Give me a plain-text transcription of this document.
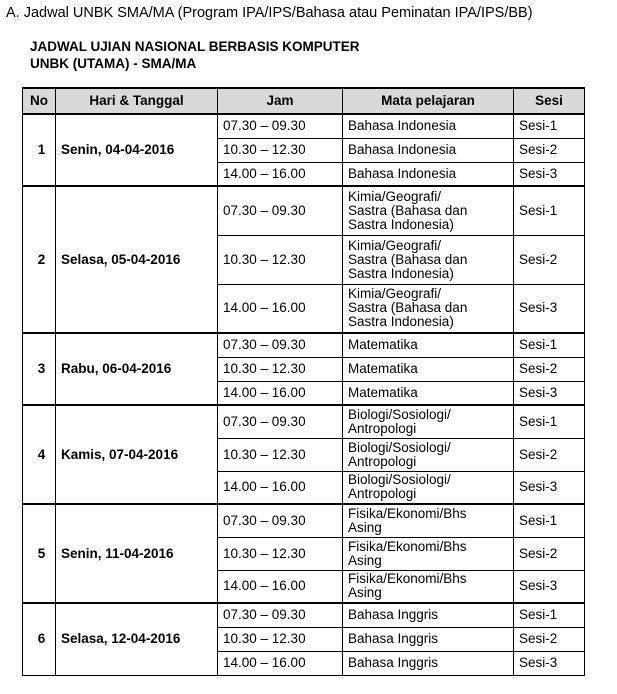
A. Jadwal UNBK SMA/MA (Program IPA/IPS/Bahasa atau Peminatan IPA/IPS/BB)
JADWAL UJIAN NASIONAL BERBASIS KOMPUTER
UNBK (UTAMA) - SMA/MA
No	Hari & Tanggal	Jam	Mata pelajaran	Sesi
1	Senin, 04-04-2016	07.30 – 09.30	Bahasa Indonesia	Sesi-1
		10.30 – 12.30	Bahasa Indonesia	Sesi-2
		14.00 – 16.00	Bahasa Indonesia	Sesi-3
2	Selasa, 05-04-2016	07.30 – 09.30	Kimia/Geografi/
Sastra (Bahasa dan
Sastra Indonesia)	Sesi-1
		10.30 – 12.30	Kimia/Geografi/
Sastra (Bahasa dan
Sastra Indonesia)	Sesi-2
		14.00 – 16.00	Kimia/Geografi/
Sastra (Bahasa dan
Sastra Indonesia)	Sesi-3
3	Rabu, 06-04-2016	07.30 – 09.30	Matematika	Sesi-1
		10.30 – 12.30	Matematika	Sesi-2
		14.00 – 16.00	Matematika	Sesi-3
4	Kamis, 07-04-2016	07.30 – 09.30	Biologi/Sosiologi/
Antropologi	Sesi-1
		10.30 – 12.30	Biologi/Sosiologi/
Antropologi	Sesi-2
		14.00 – 16.00	Biologi/Sosiologi/
Antropologi	Sesi-3
5	Senin, 11-04-2016	07.30 – 09.30	Fisika/Ekonomi/Bhs
Asing	Sesi-1
		10.30 – 12.30	Fisika/Ekonomi/Bhs
Asing	Sesi-2
		14.00 – 16.00	Fisika/Ekonomi/Bhs
Asing	Sesi-3
6	Selasa, 12-04-2016	07.30 – 09.30	Bahasa Inggris	Sesi-1
		10.30 – 12.30	Bahasa Inggris	Sesi-2
		14.00 – 16.00	Bahasa Inggris	Sesi-3
